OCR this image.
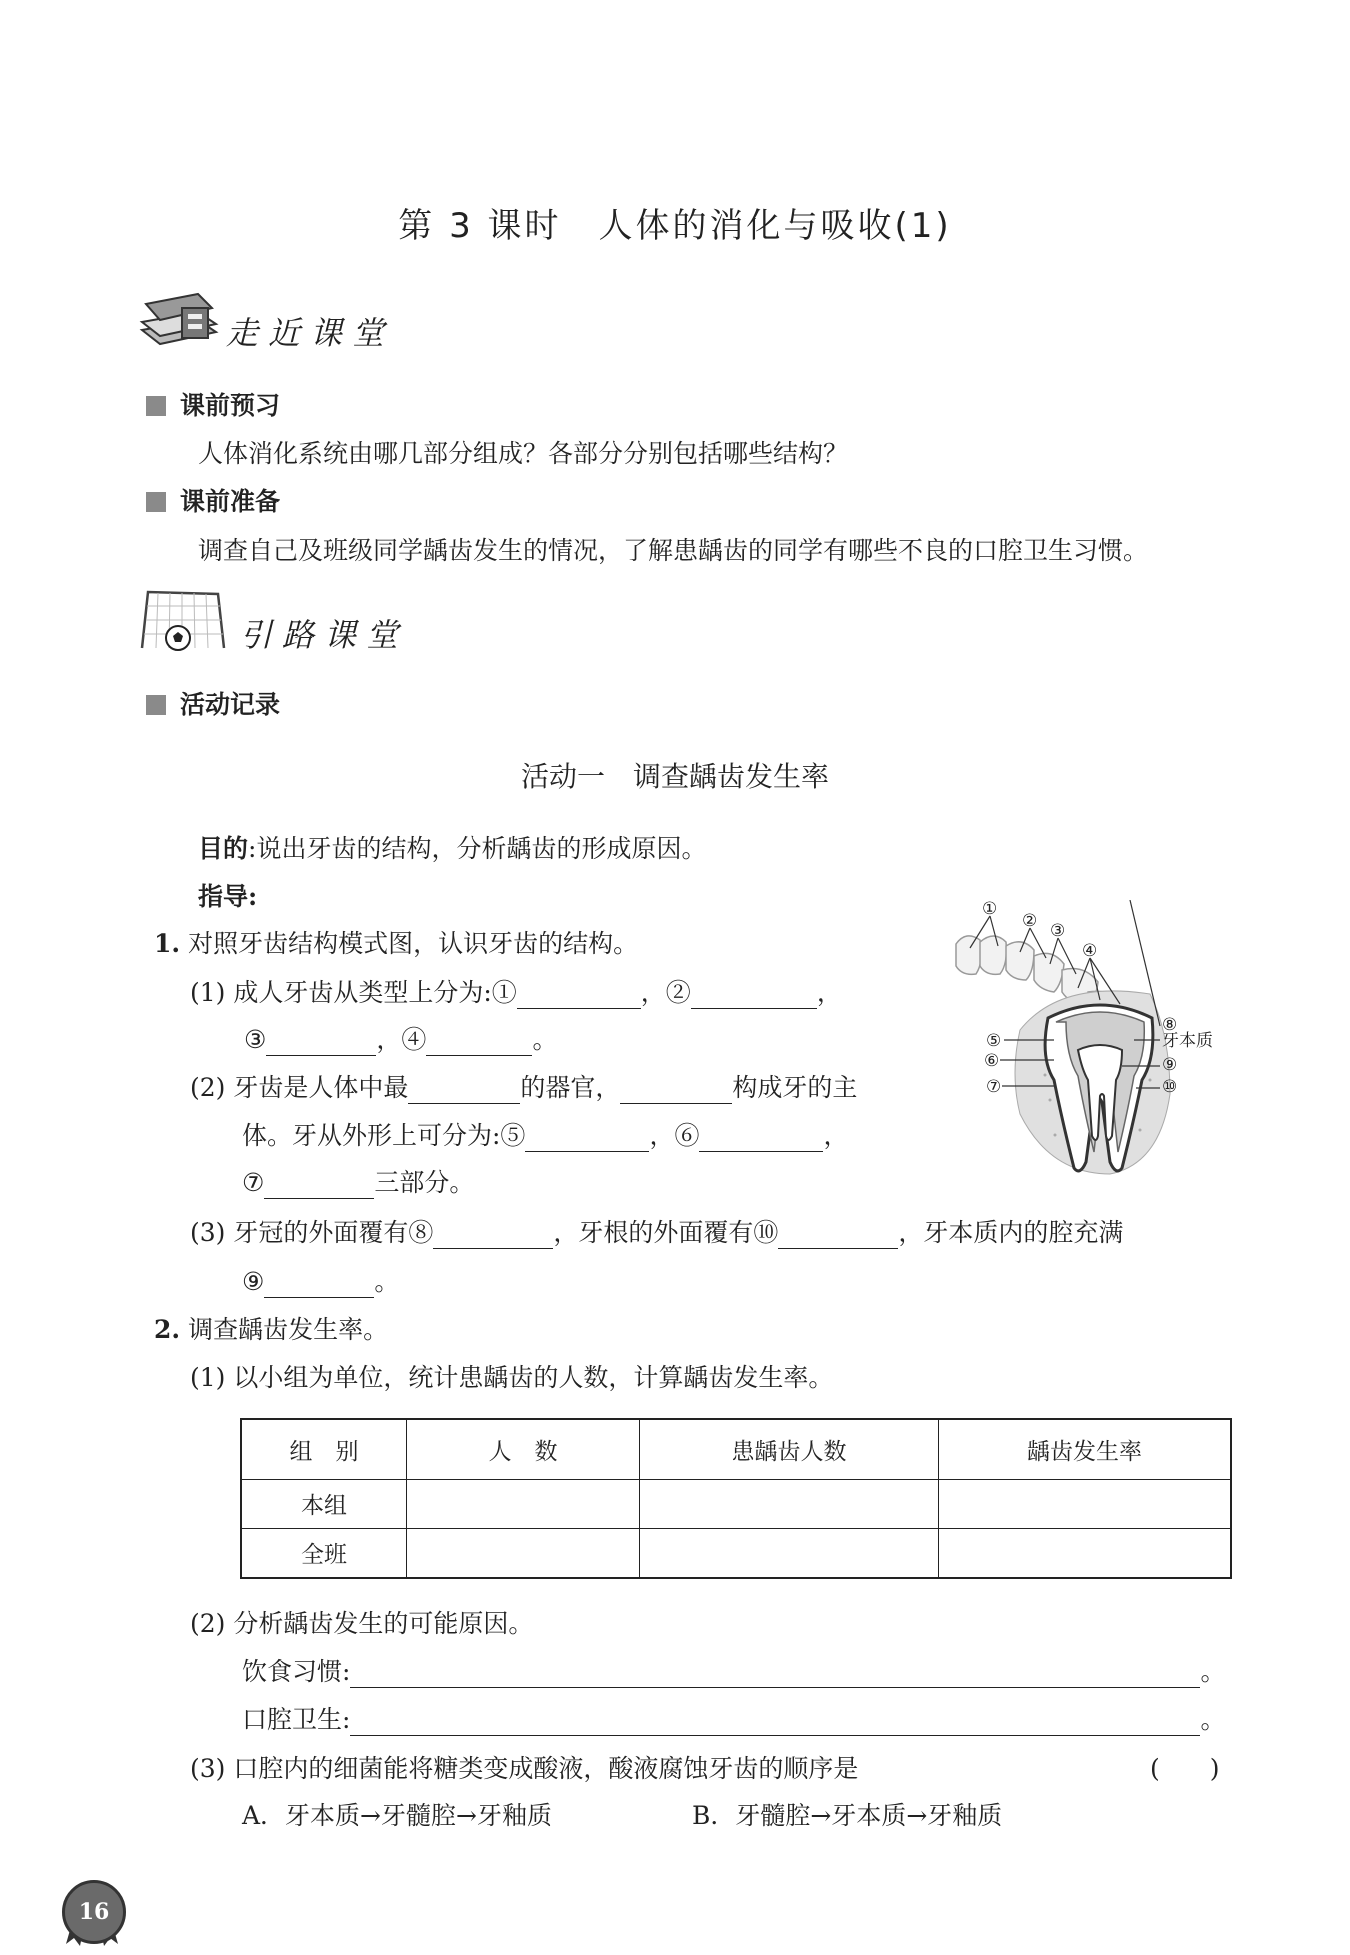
第 3 课时　人体的消化与吸收(1)
走近课堂
课前预习
人体消化系统由哪几部分组成？各部分分别包括哪些结构？
课前准备
调查自己及班级同学龋齿发生的情况，了解患龋齿的同学有哪些不良的口腔卫生习惯。
引路课堂
活动记录
活动一　调查龋齿发生率
目的:说出牙齿的结构，分析龋齿的形成原因。
指导:
1. 对照牙齿结构模式图，认识牙齿的结构。
(1) 成人牙齿从类型上分为:①	，②	，
③	，④	。
(2) 牙齿是人体中最	的器官，	构成牙的主
体。牙从外形上可分为:⑤	，⑥	，
⑦	三部分。
(3) 牙冠的外面覆有⑧	，牙根的外面覆有⑩	，牙本质内的腔充满
⑨	。
①
② ③
④
⑤
⑥
⑦
⑧
⑨
⑩
牙本质
2. 调查龋齿发生率。
(1) 以小组为单位，统计患龋齿的人数，计算龋齿发生率。
组　别	人　数	患龋齿人数	龋齿发生率
本组			
全班			
(2) 分析龋齿发生的可能原因。
饮食习惯:	。
口腔卫生:	。
(3) 口腔内的细菌能将糖类变成酸液，酸液腐蚀牙齿的顺序是	(　　)
A．牙本质→牙髓腔→牙釉质	B．牙髓腔→牙本质→牙釉质
16
